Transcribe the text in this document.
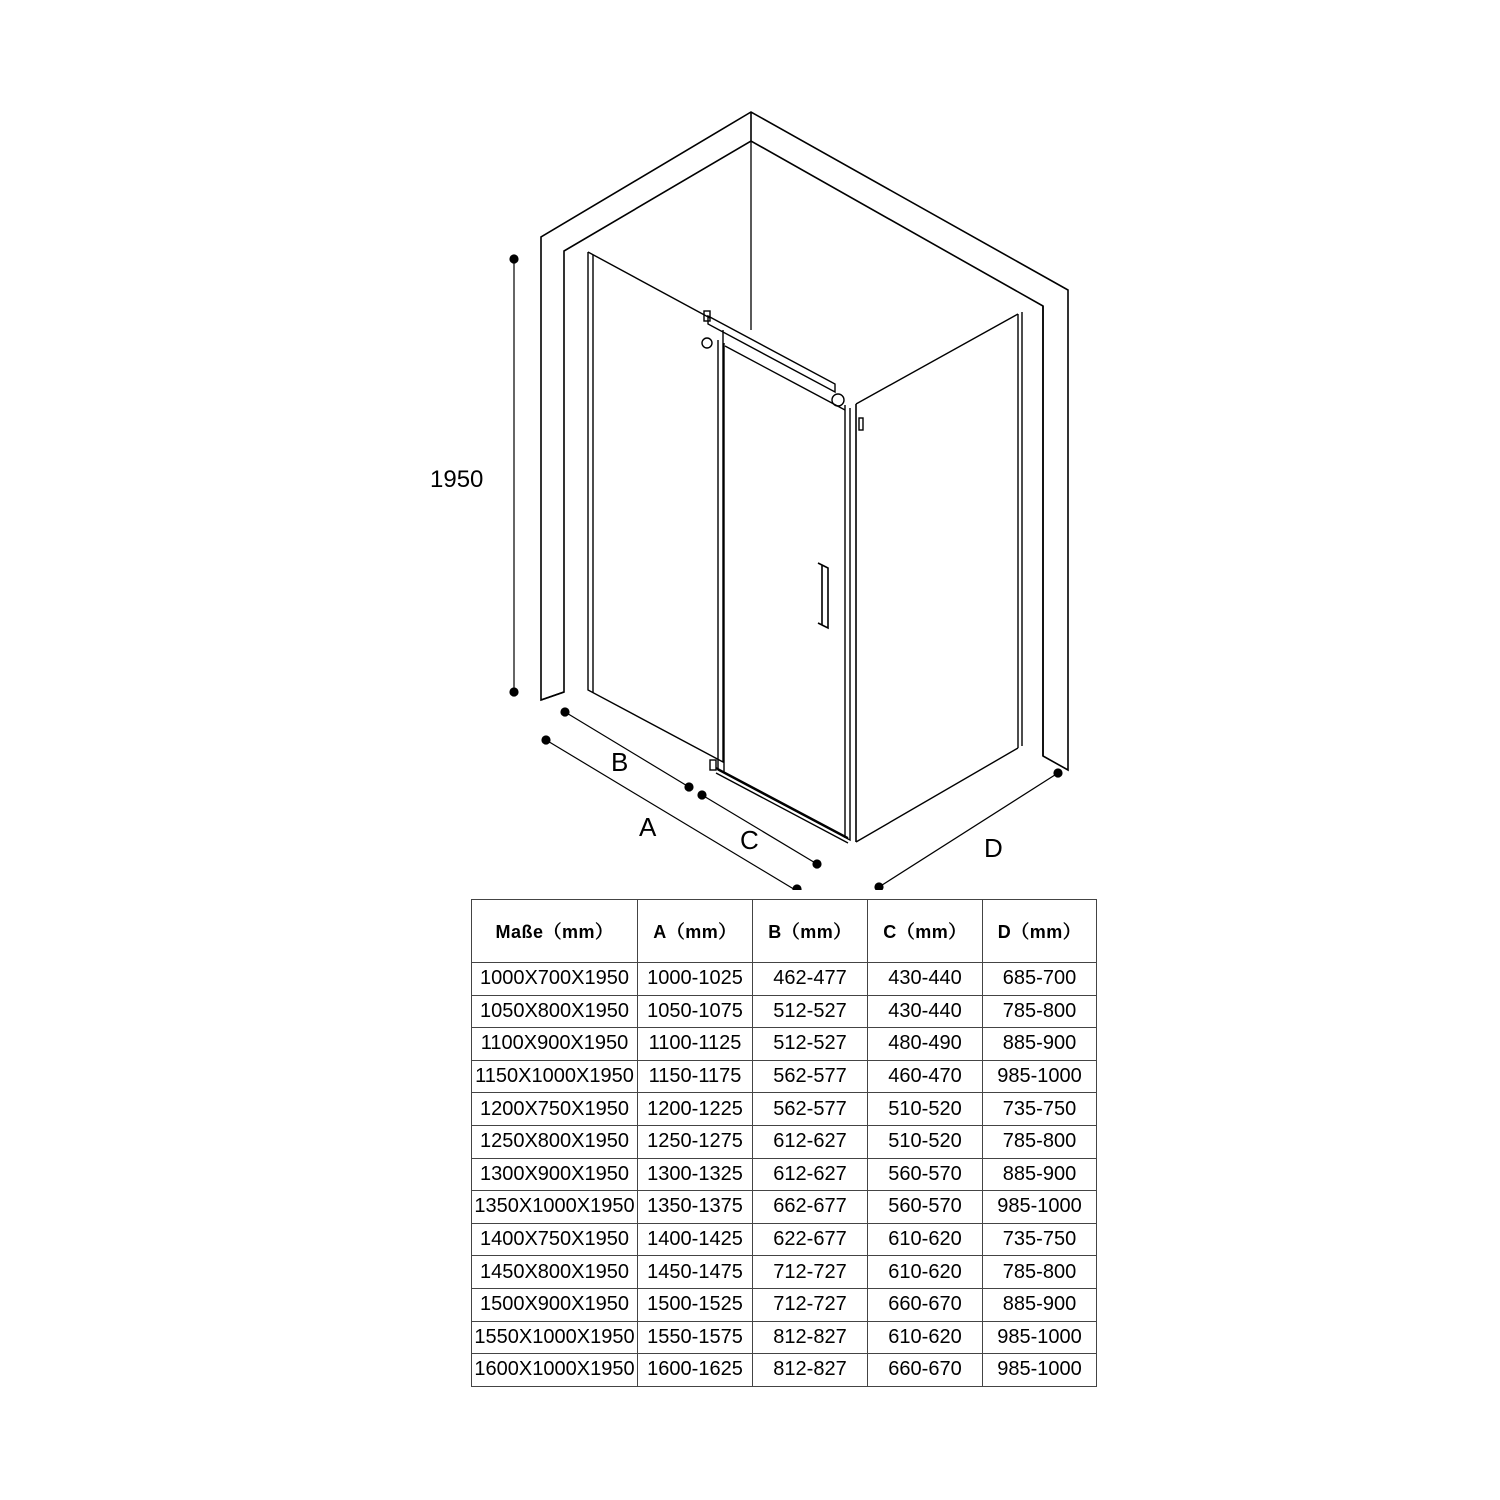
1950
B
A	C	D
Maße（mm）	A（mm）	B（mm）	C（mm）	D（mm）
1000X700X1950	1000-1025	462-477	430-440	685-700
1050X800X1950	1050-1075	512-527	430-440	785-800
1100X900X1950	1100-1125	512-527	480-490	885-900
1150X1000X1950	1150-1175	562-577	460-470	985-1000
1200X750X1950	1200-1225	562-577	510-520	735-750
1250X800X1950	1250-1275	612-627	510-520	785-800
1300X900X1950	1300-1325	612-627	560-570	885-900
1350X1000X1950	1350-1375	662-677	560-570	985-1000
1400X750X1950	1400-1425	622-677	610-620	735-750
1450X800X1950	1450-1475	712-727	610-620	785-800
1500X900X1950	1500-1525	712-727	660-670	885-900
1550X1000X1950	1550-1575	812-827	610-620	985-1000
1600X1000X1950	1600-1625	812-827	660-670	985-1000
